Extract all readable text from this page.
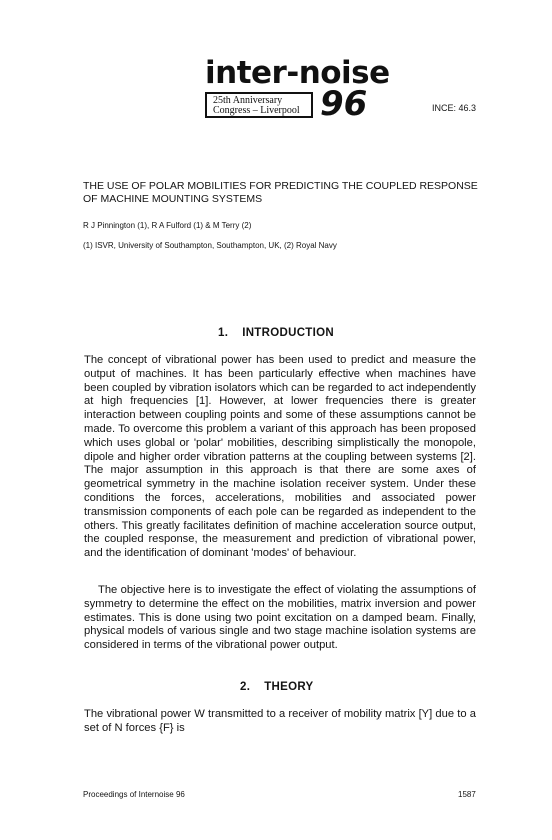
inter-noise
25th Anniversary
Congress – Liverpool 96	INCE: 46.3
THE USE OF POLAR MOBILITIES FOR PREDICTING THE COUPLED RESPONSE OF MACHINE MOUNTING SYSTEMS
R J Pinnington (1), R A Fulford (1) & M Terry (2)
(1) ISVR, University of Southampton, Southampton, UK, (2) Royal Navy
1. INTRODUCTION
The concept of vibrational power has been used to predict and measure the output of machines. It has been particularly effective when machines have been coupled by vibration isolators which can be regarded to act independently at high frequencies [1]. However, at lower frequencies there is greater interaction between coupling points and some of these assumptions cannot be made. To overcome this problem a variant of this approach has been proposed which uses global or 'polar' mobilities, describing simplistically the monopole, dipole and higher order vibration patterns at the coupling between systems [2]. The major assumption in this approach is that there are some axes of geometrical symmetry in the machine isolation receiver system. Under these conditions the forces, accelerations, mobilities and associated power transmission components of each pole can be regarded as independent to the others. This greatly facilitates definition of machine acceleration source output, the coupled response, the measurement and prediction of vibrational power, and the identification of dominant 'modes' of behaviour.
The objective here is to investigate the effect of violating the assumptions of symmetry to determine the effect on the mobilities, matrix inversion and power estimates. This is done using two point excitation on a damped beam. Finally, physical models of various single and two stage machine isolation systems are considered in terms of the vibrational power output.
2. THEORY
The vibrational power W transmitted to a receiver of mobility matrix [Y] due to a set of N forces {F} is
Proceedings of Internoise 96	1587
